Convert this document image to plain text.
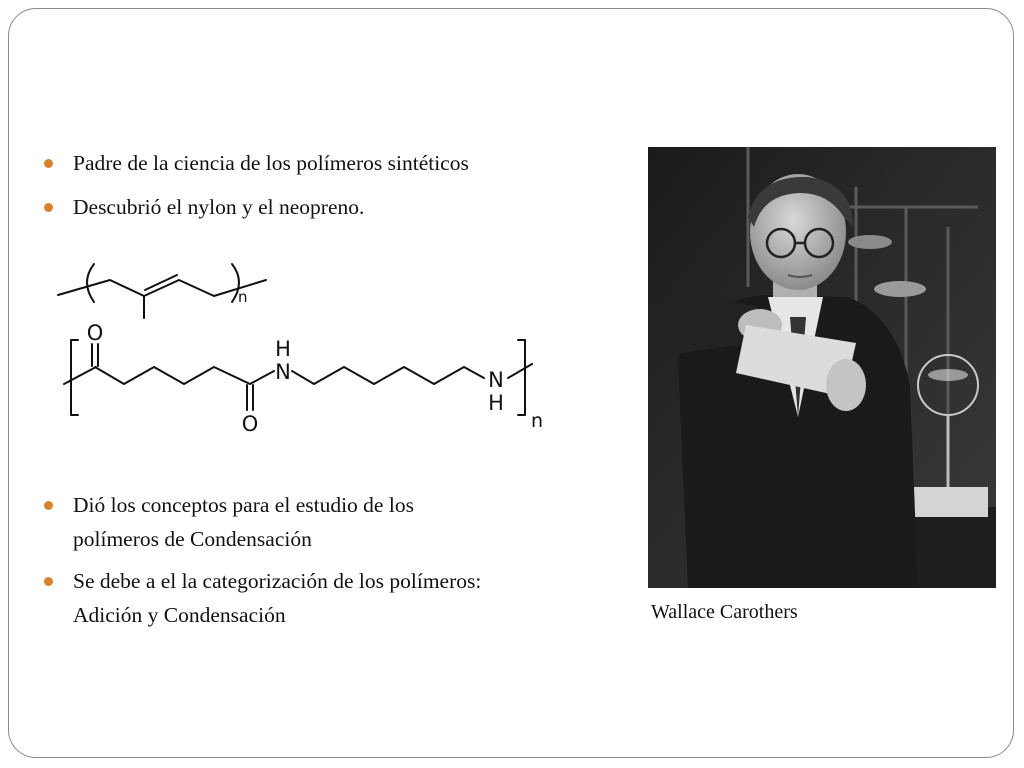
Padre de la ciencia de los polímeros sintéticos
Descubrió el nylon y el neopreno.
n
O
O
H
N	N
H
n
Dió los conceptos para el estudio de los
polímeros de Condensación
Se debe a el la categorización de los polímeros:
Adición y Condensación	Wallace Carothers
